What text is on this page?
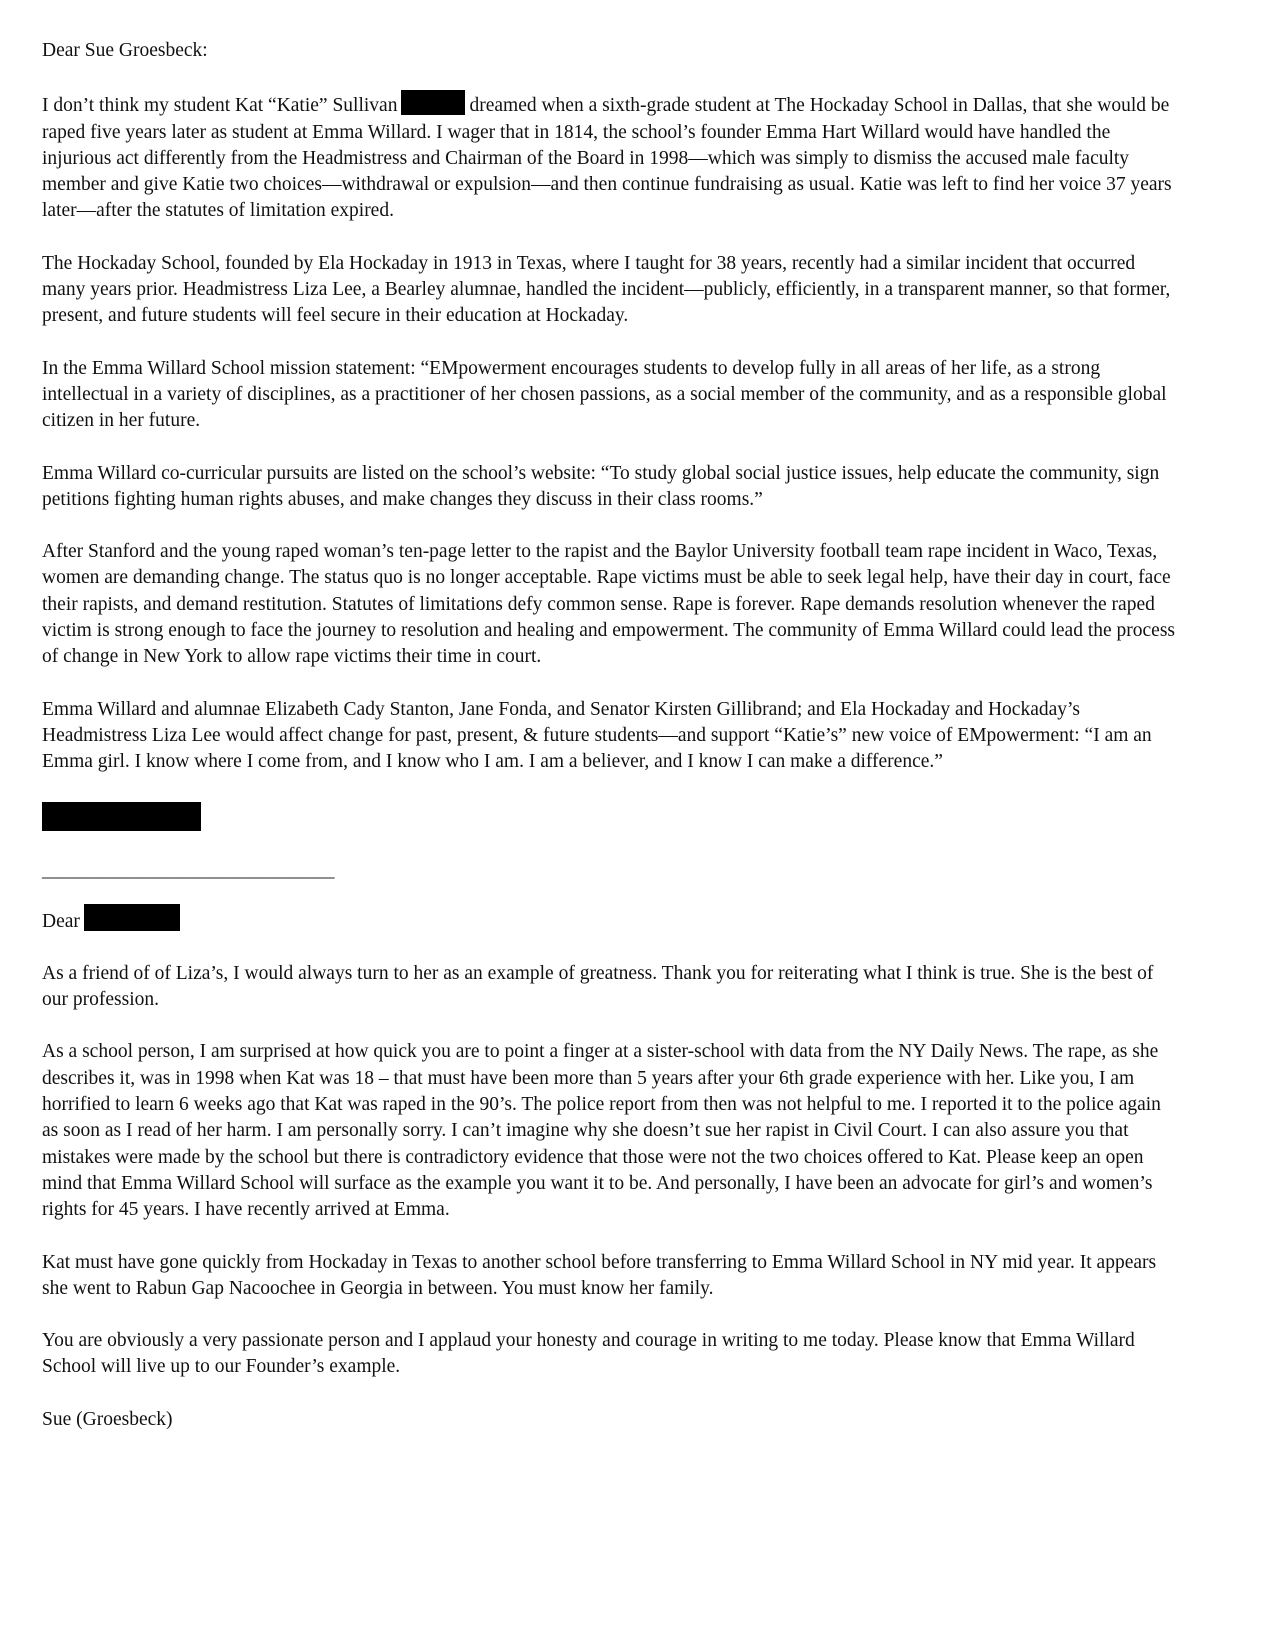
Dear Sue Groesbeck:

I don’t think my student Kat “Katie” Sullivan	dreamed when a sixth-grade student at The Hockaday School in Dallas, that she would be raped five years later as student at Emma Willard. I wager that in 1814, the school’s founder Emma Hart Willard would have handled the injurious act differently from the Headmistress and Chairman of the Board in 1998—which was simply to dismiss the accused male faculty member and give Katie two choices—withdrawal or expulsion—and then continue fundraising as usual. Katie was left to find her voice 37 years later—after the statutes of limitation expired.

The Hockaday School, founded by Ela Hockaday in 1913 in Texas, where I taught for 38 years, recently had a similar incident that occurred many years prior. Headmistress Liza Lee, a Bearley alumnae, handled the incident—publicly, efficiently, in a transparent manner, so that former, present, and future students will feel secure in their education at Hockaday.

In the Emma Willard School mission statement: “EMpowerment encourages students to develop fully in all areas of her life, as a strong intellectual in a variety of disciplines, as a practitioner of her chosen passions, as a social member of the community, and as a responsible global citizen in her future.

Emma Willard co-curricular pursuits are listed on the school’s website: “To study global social justice issues, help educate the community, sign petitions fighting human rights abuses, and make changes they discuss in their class rooms.”

After Stanford and the young raped woman’s ten-page letter to the rapist and the Baylor University football team rape incident in Waco, Texas, women are demanding change. The status quo is no longer acceptable. Rape victims must be able to seek legal help, have their day in court, face their rapists, and demand restitution. Statutes of limitations defy common sense. Rape is forever. Rape demands resolution whenever the raped victim is strong enough to face the journey to resolution and healing and empowerment. The community of Emma Willard could lead the process of change in New York to allow rape victims their time in court.

Emma Willard and alumnae Elizabeth Cady Stanton, Jane Fonda, and Senator Kirsten Gillibrand; and Ela Hockaday and Hockaday’s Headmistress Liza Lee would affect change for past, present, & future students—and support “Katie’s” new voice of EMpowerment: “I am an Emma girl. I know where I come from, and I know who I am. I am a believer, and I know I can make a difference.”

______________________________

Dear

As a friend of of Liza’s, I would always turn to her as an example of greatness. Thank you for reiterating what I think is true. She is the best of our profession.

As a school person, I am surprised at how quick you are to point a finger at a sister-school with data from the NY Daily News. The rape, as she describes it, was in 1998 when Kat was 18 – that must have been more than 5 years after your 6th grade experience with her. Like you, I am horrified to learn 6 weeks ago that Kat was raped in the 90’s. The police report from then was not helpful to me. I reported it to the police again as soon as I read of her harm. I am personally sorry. I can’t imagine why she doesn’t sue her rapist in Civil Court. I can also assure you that mistakes were made by the school but there is contradictory evidence that those were not the two choices offered to Kat. Please keep an open mind that Emma Willard School will surface as the example you want it to be. And personally, I have been an advocate for girl’s and women’s rights for 45 years. I have recently arrived at Emma.

Kat must have gone quickly from Hockaday in Texas to another school before transferring to Emma Willard School in NY mid year. It appears she went to Rabun Gap Nacoochee in Georgia in between. You must know her family.

You are obviously a very passionate person and I applaud your honesty and courage in writing to me today. Please know that Emma Willard School will live up to our Founder’s example.

Sue (Groesbeck)
